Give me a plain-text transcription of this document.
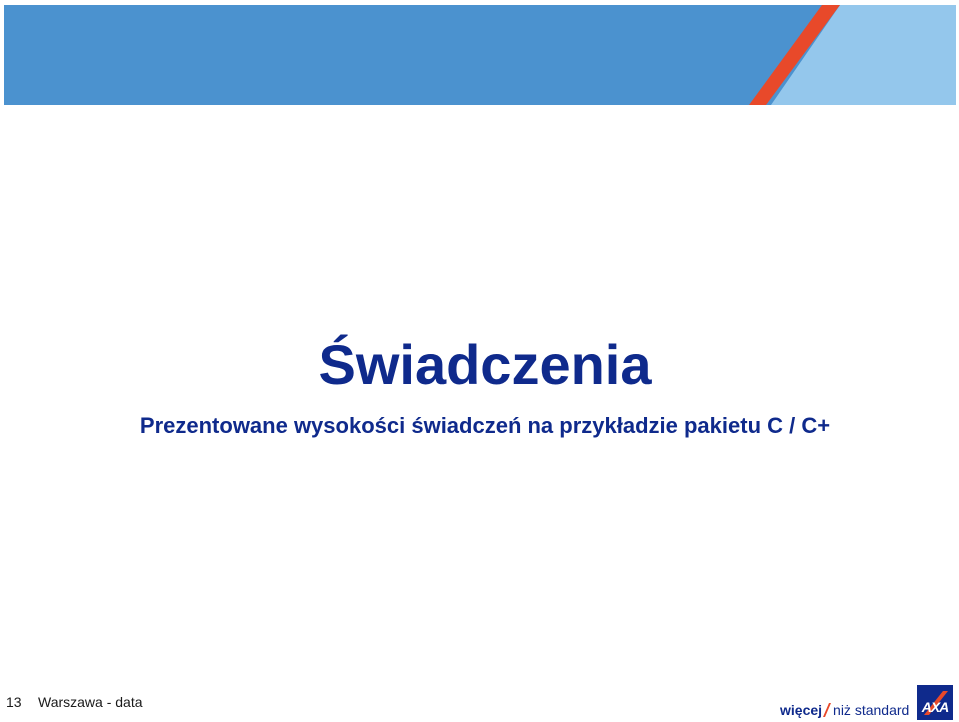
Świadczenia
Prezentowane wysokości świadczeń na przykładzie pakietu C / C+
13 Warszawa - data	więcej niż standard AXA
